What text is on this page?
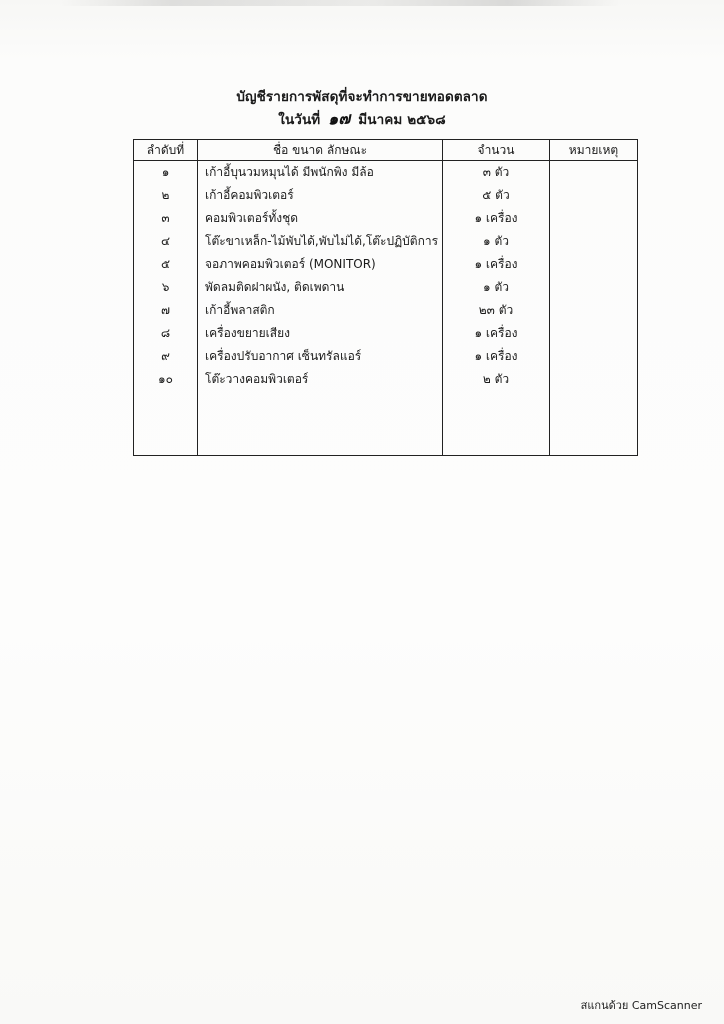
บัญชีรายการพัสดุที่จะทำการขายทอดตลาด
ในวันที่ ๑๗ มีนาคม ๒๕๖๘
ลำดับที่	ชื่อ ขนาด ลักษณะ	จำนวน	หมายเหตุ
๑	เก้าอี้บุนวมหมุนได้ มีพนักพิง มีล้อ	๓ ตัว	
๒	เก้าอี้คอมพิวเตอร์	๕ ตัว	
๓	คอมพิวเตอร์ทั้งชุด	๑ เครื่อง	
๔	โต๊ะขาเหล็ก-ไม้พับได้,พับไม่ได้,โต๊ะปฏิบัติการ	๑ ตัว	
๕	จอภาพคอมพิวเตอร์ (MONITOR)	๑ เครื่อง	
๖	พัดลมติดฝาผนัง, ติดเพดาน	๑ ตัว	
๗	เก้าอี้พลาสติก	๒๓ ตัว	
๘	เครื่องขยายเสียง	๑ เครื่อง	
๙	เครื่องปรับอากาศ เซ็นทรัลแอร์	๑ เครื่อง	
๑๐	โต๊ะวางคอมพิวเตอร์	๒ ตัว	

สแกนด้วย CamScanner
